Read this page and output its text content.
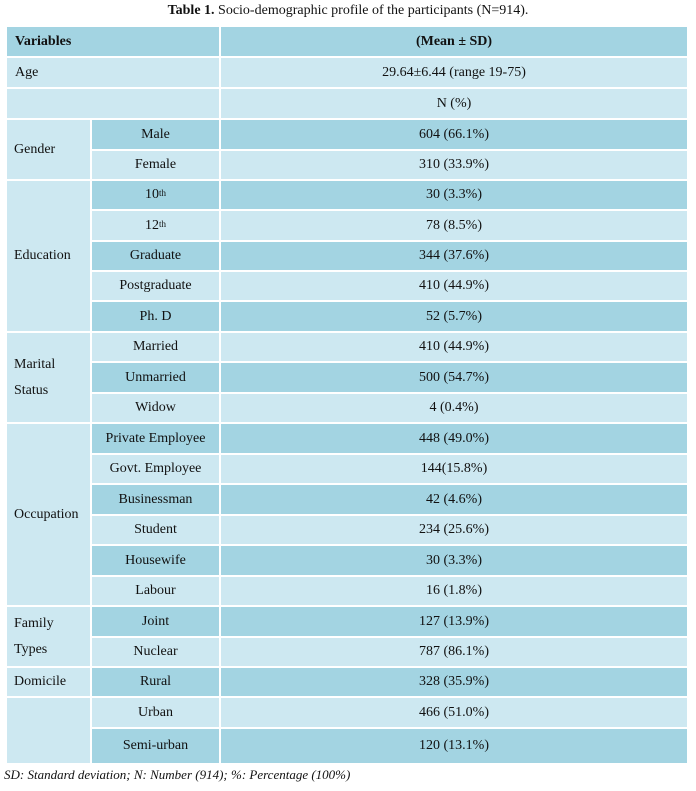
Table 1. Socio-demographic profile of the participants (N=914).
Variables		(Mean ± SD)
Age		29.64±6.44 (range 19-75)
		N (%)
Gender	Male	604 (66.1%)
	Female	310 (33.9%)
Education	10th	30 (3.3%)
	12th	78 (8.5%)
	Graduate	344 (37.6%)
	Postgraduate	410 (44.9%)
	Ph. D	52 (5.7%)
Marital Status	Married	410 (44.9%)
	Unmarried	500 (54.7%)
	Widow	4 (0.4%)
Occupation	Private Employee	448 (49.0%)
	Govt. Employee	144(15.8%)
	Businessman	42 (4.6%)
	Student	234 (25.6%)
	Housewife	30 (3.3%)
	Labour	16 (1.8%)
Family Types	Joint	127 (13.9%)
	Nuclear	787 (86.1%)
Domicile	Rural	328 (35.9%)
	Urban	466 (51.0%)
	Semi-urban	120 (13.1%)
SD: Standard deviation; N: Number (914); %: Percentage (100%)
